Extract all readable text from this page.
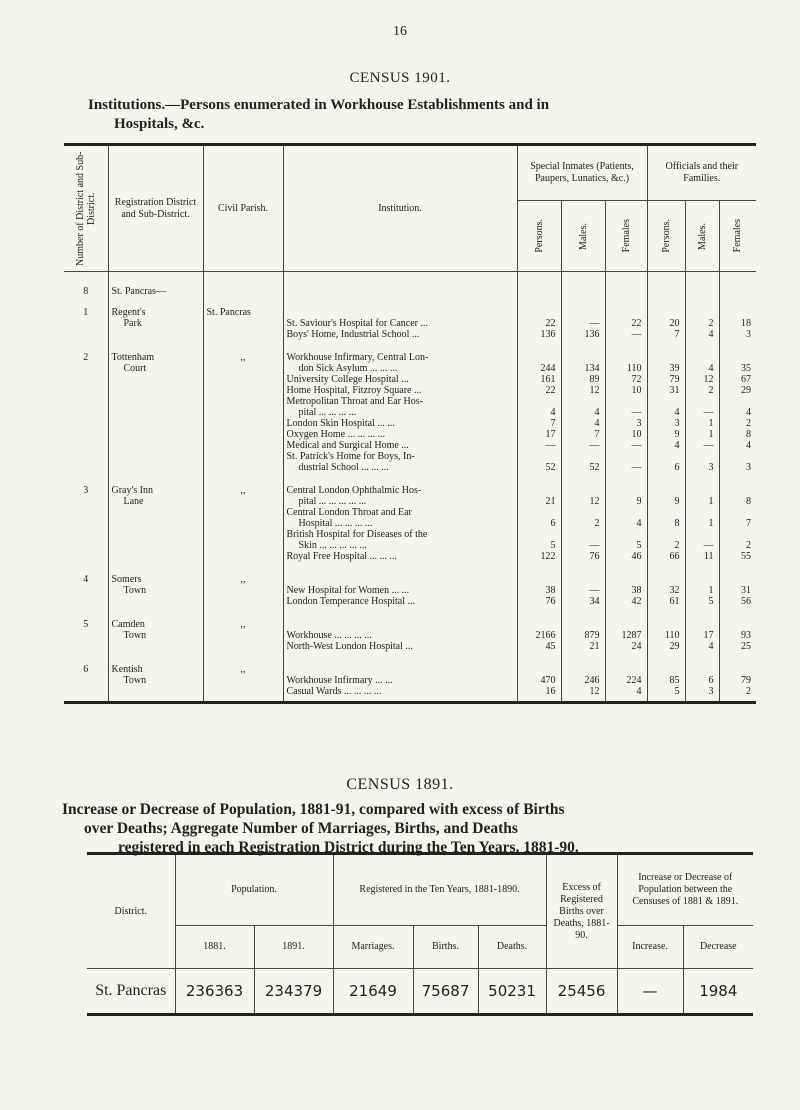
16
CENSUS 1901.
Institutions.—Persons enumerated in Workhouse Establishments and in
Hospitals, &c.
Number of District and Sub-District.	Registration District and Sub-District.	Civil Parish.	Institution.	Special Inmates (Patients, Paupers, Lunatics, &c.)			Officials and their Families.		

				Persons.	Males.	Females	Persons.	Males.	Females

8	St. Pancras—								

1	Regent's
Park	St. Pancras	St. Saviour's Hospital for Cancer ...	22	—	22	20	2	18
			Boys' Home, Industrial School ...	136	136	—	7	4	3

2	Tottenham
Court	,,	Workhouse Infirmary, Central Lon-
don Sick Asylum ... ... ...	244	134	110	39	4	35
			University College Hospital ...	161	89	72	79	12	67
			Home Hospital, Fitzroy Square ...	22	12	10	31	2	29
			Metropolitan Throat and Ear Hos-
pital ... ... ... ...	4	4	—	4	—	4
			London Skin Hospital ... ...	7	4	3	3	1	2
			Oxygen Home ... ... ... ...	17	7	10	9	1	8
			Medical and Surgical Home ...	—	—	—	4	—	4
			St. Patrick's Home for Boys, In-
dustrial School ... ... ...	52	52	—	6	3	3

3	Gray's Inn
Lane	,,	Central London Ophthalmic Hos-
pital ... ... ... ... ...	21	12	9	9	1	8
			Central London Throat and Ear
Hospital ... ... ... ...	6	2	4	8	1	7
			British Hospital for Diseases of the
Skin ... ... ... ... ...	5	—	5	2	—	2
			Royal Free Hospital ... ... ...	122	76	46	66	11	55

4	Somers
Town	,,	New Hospital for Women ... ...	38	—	38	32	1	31
			London Temperance Hospital ...	76	34	42	61	5	56

5	Camden
Town	,,	Workhouse ... ... ... ...	2166	879	1287	110	17	93
			North-West London Hospital ...	45	21	24	29	4	25

6	Kentish
Town	,,	Workhouse Infirmary ... ...	470	246	224	85	6	79
			Casual Wards ... ... ... ...	16	12	4	5	3	2
CENSUS 1891.
Increase or Decrease of Population, 1881-91, compared with excess of Births
over Deaths; Aggregate Number of Marriages, Births, and Deaths
registered in each Registration District during the Ten Years, 1881-90.
District.	Population.		Registered in the Ten Years, 1881-1890.			Excess of Registered Births over Deaths, 1881-90.	Increase or Decrease of Population between the Censuses of 1881 & 1891.	
	1881.	1891.	Marriages.	Births.	Deaths.		Increase.	Decrease
St. Pancras	236363	234379	21649	75687	50231	25456	—	1984
